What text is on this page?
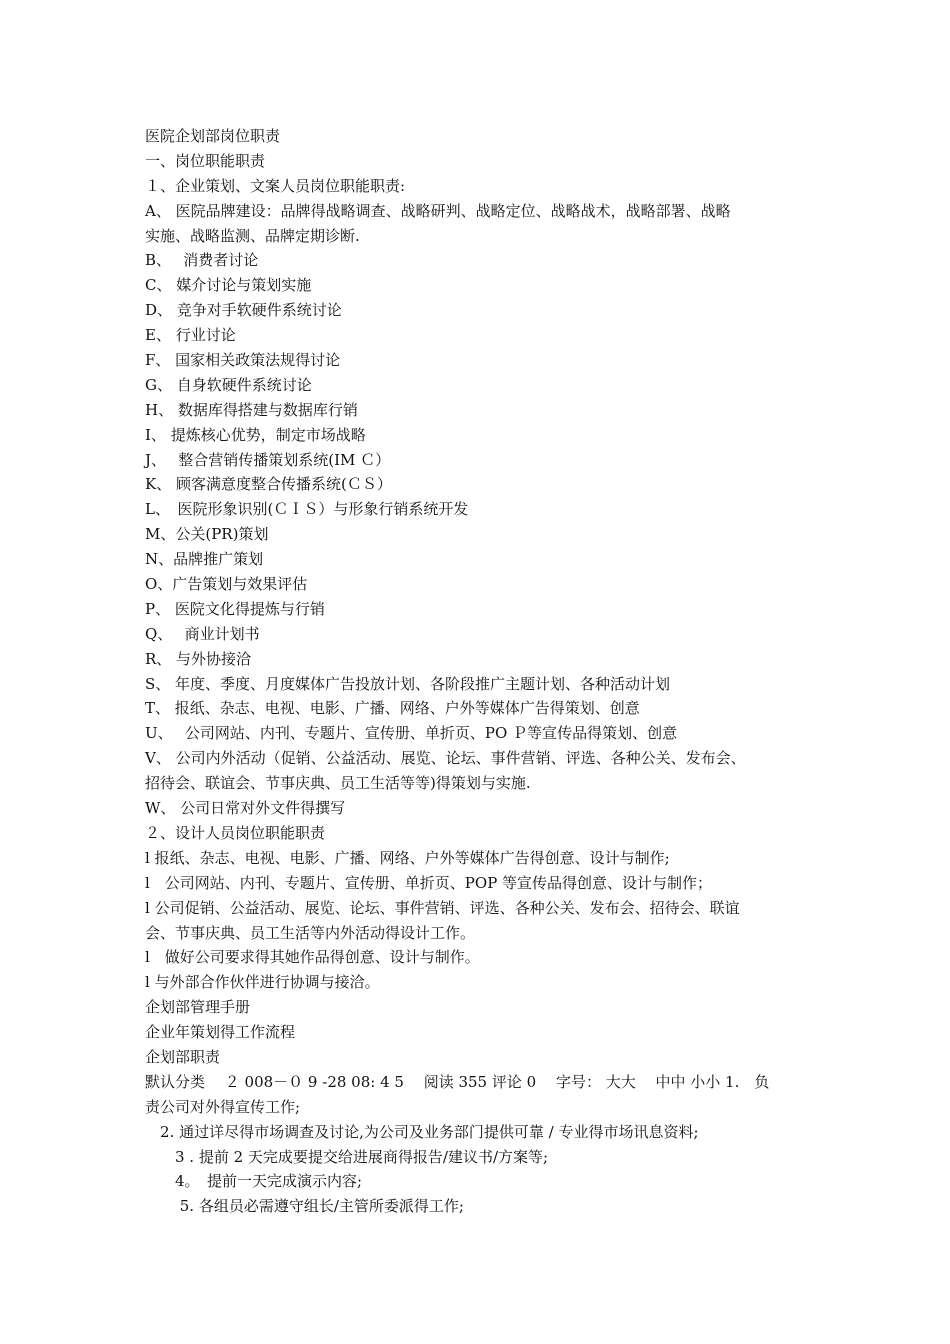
医院企划部岗位职责
一、岗位职能职责
１、企业策划、文案人员岗位职能职责:
A、 医院品牌建设：品牌得战略调查、战略研判、战略定位、战略战术，战略部署、战略
实施、战略监测、品牌定期诊断.
B、　 消费者讨论
C、 媒介讨论与策划实施
D、 竞争对手软硬件系统讨论
E、 行业讨论
F、 国家相关政策法规得讨论
G、 自身软硬件系统讨论
H、 数据库得搭建与数据库行销
I、 提炼核心优势，制定市场战略
J、　 整合营销传播策划系统(IM Ｃ）
K、 顾客满意度整合传播系统(ＣＳ）
L、　医院形象识别(ＣＩＳ）与形象行销系统开发
M、公关(PR)策划
N、品牌推广策划
O、广告策划与效果评估
P、 医院文化得提炼与行销
Q、　 商业计划书
R、 与外协接洽
S、 年度、季度、月度媒体广告投放计划、各阶段推广主题计划、各种活动计划
T、 报纸、杂志、电视、电影、广播、网络、户外等媒体广告得策划、创意
U、　 公司网站、内刊、专题片、宣传册、单折页、PO Ｐ等宣传品得策划、创意
V、 公司内外活动（促销、公益活动、展览、论坛、事件营销、评选、各种公关、发布会、
招待会、联谊会、节事庆典、员工生活等等)得策划与实施.
W、 公司日常对外文件得撰写
２、设计人员岗位职能职责
l 报纸、杂志、电视、电影、广播、网络、户外等媒体广告得创意、设计与制作;
l　公司网站、内刊、专题片、宣传册、单折页、POP 等宣传品得创意、设计与制作；
l 公司促销、公益活动、展览、论坛、事件营销、评选、各种公关、发布会、招待会、联谊
会、节事庆典、员工生活等内外活动得设计工作。
l　做好公司要求得其她作品得创意、设计与制作。
l 与外部合作伙伴进行协调与接洽。
企划部管理手册
企业年策划得工作流程
企划部职责
默认分类　 ２ 008－０ 9 -28 08: 4 5　 阅读 355 评论 0　 字号： 大大　 中中 小小 1.　负
责公司对外得宣传工作;
　2. 通过详尽得市场调查及讨论,为公司及业务部门提供可靠 / 专业得市场讯息资料;
　　3 . 提前 2 天完成要提交给进展商得报告/建议书/方案等;
　　4。　提前一天完成演示内容;
　　 5. 各组员必需遵守组长/主管所委派得工作;
